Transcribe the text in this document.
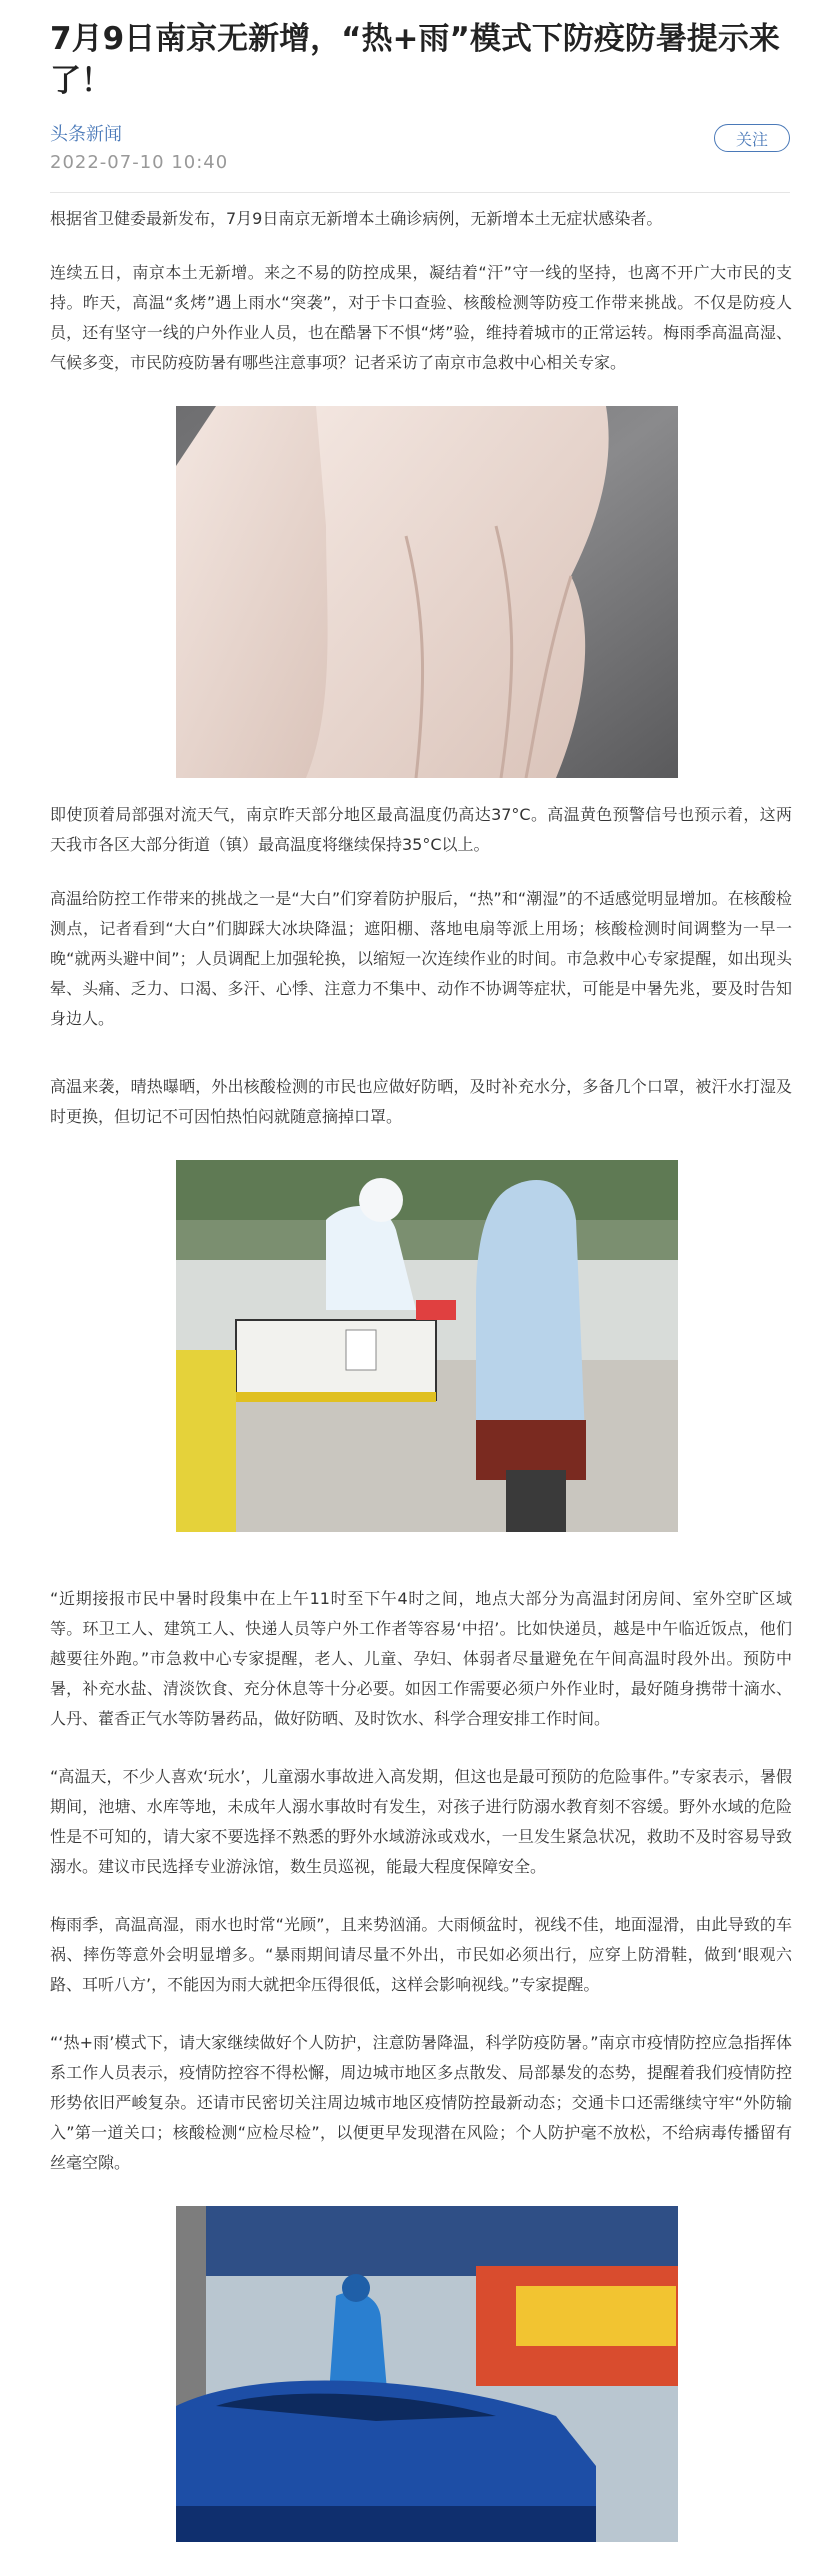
7月9日南京无新增，“热+雨”模式下防疫防暑提示来了！
头条新闻
2022-07-10 10:40
关注

根据省卫健委最新发布，7月9日南京无新增本土确诊病例，无新增本土无症状感染者。

连续五日，南京本土无新增。来之不易的防控成果，凝结着“汗”守一线的坚持，也离不开广大市民的支持。昨天，高温“炙烤”遇上雨水“突袭”，对于卡口查验、核酸检测等防疫工作带来挑战。不仅是防疫人员，还有坚守一线的户外作业人员，也在酷暑下不惧“烤”验，维持着城市的正常运转。梅雨季高温高湿、气候多变，市民防疫防暑有哪些注意事项？记者采访了南京市急救中心相关专家。

即使顶着局部强对流天气，南京昨天部分地区最高温度仍高达37°C。高温黄色预警信号也预示着，这两天我市各区大部分街道（镇）最高温度将继续保持35°C以上。

高温给防控工作带来的挑战之一是“大白”们穿着防护服后，“热”和“潮湿”的不适感觉明显增加。在核酸检测点，记者看到“大白”们脚踩大冰块降温；遮阳棚、落地电扇等派上用场；核酸检测时间调整为一早一晚“就两头避中间”；人员调配上加强轮换，以缩短一次连续作业的时间。市急救中心专家提醒，如出现头晕、头痛、乏力、口渴、多汗、心悸、注意力不集中、动作不协调等症状，可能是中暑先兆，要及时告知身边人。

高温来袭，晴热曝晒，外出核酸检测的市民也应做好防晒，及时补充水分，多备几个口罩，被汗水打湿及时更换，但切记不可因怕热怕闷就随意摘掉口罩。

“近期接报市民中暑时段集中在上午11时至下午4时之间，地点大部分为高温封闭房间、室外空旷区域等。环卫工人、建筑工人、快递人员等户外工作者等容易‘中招’。比如快递员，越是中午临近饭点，他们越要往外跑。”市急救中心专家提醒，老人、儿童、孕妇、体弱者尽量避免在午间高温时段外出。预防中暑，补充水盐、清淡饮食、充分休息等十分必要。如因工作需要必须户外作业时，最好随身携带十滴水、人丹、藿香正气水等防暑药品，做好防晒、及时饮水、科学合理安排工作时间。

“高温天，不少人喜欢‘玩水’，儿童溺水事故进入高发期，但这也是最可预防的危险事件。”专家表示，暑假期间，池塘、水库等地，未成年人溺水事故时有发生，对孩子进行防溺水教育刻不容缓。野外水域的危险性是不可知的，请大家不要选择不熟悉的野外水域游泳或戏水，一旦发生紧急状况，救助不及时容易导致溺水。建议市民选择专业游泳馆，数生员巡视，能最大程度保障安全。

梅雨季，高温高湿，雨水也时常“光顾”，且来势汹涌。大雨倾盆时，视线不佳，地面湿滑，由此导致的车祸、摔伤等意外会明显增多。“暴雨期间请尽量不外出，市民如必须出行，应穿上防滑鞋，做到‘眼观六路、耳听八方’，不能因为雨大就把伞压得很低，这样会影响视线。”专家提醒。

“‘热+雨’模式下，请大家继续做好个人防护，注意防暑降温，科学防疫防暑。”南京市疫情防控应急指挥体系工作人员表示，疫情防控容不得松懈，周边城市地区多点散发、局部暴发的态势，提醒着我们疫情防控形势依旧严峻复杂。还请市民密切关注周边城市地区疫情防控最新动态；交通卡口还需继续守牢“外防输入”第一道关口；核酸检测“应检尽检”，以便更早发现潜在风险；个人防护毫不放松，不给病毒传播留有丝毫空隙。
